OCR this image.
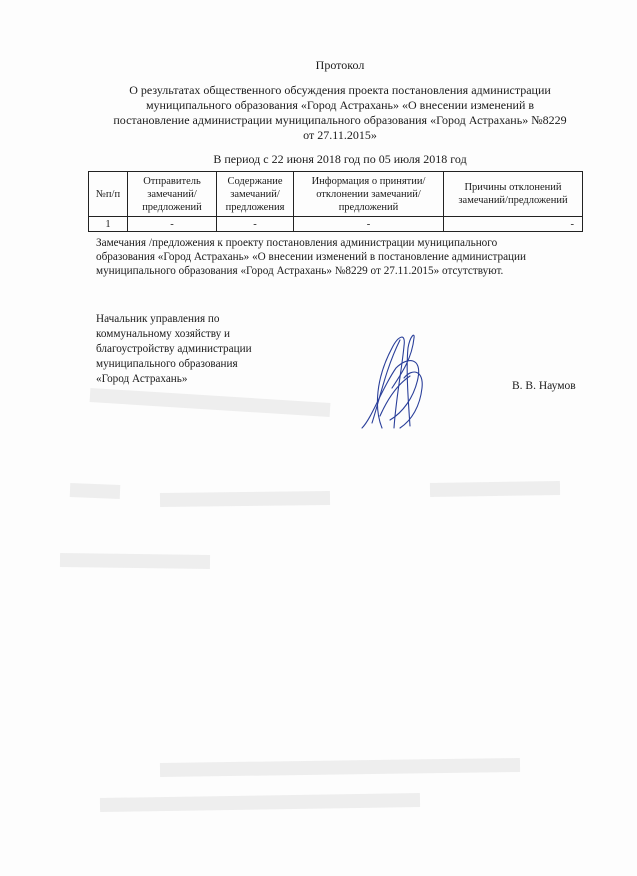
Протокол
О результатах общественного обсуждения проекта постановления администрации
муниципального образования «Город Астрахань» «О внесении изменений в
постановление администрации муниципального образования «Город Астрахань» №8229
от 27.11.2015»
В период с 22 июня 2018 год по 05 июля 2018 год
№п/п	Отправитель замечаний/ предложений	Содержание замечаний/ предложения	Информация о принятии/отклонении замечаний/предложений	Причины отклонений замечаний/предложений
1	-	-	-	-
Замечания /предложения к проекту постановления администрации муниципального
образования «Город Астрахань» «О внесении изменений в постановление администрации
муниципального образования «Город Астрахань» №8229 от 27.11.2015» отсутствуют.
Начальник управления по
коммунальному хозяйству и
благоустройству администрации
муниципального образования
«Город Астрахань»
В. В. Наумов
